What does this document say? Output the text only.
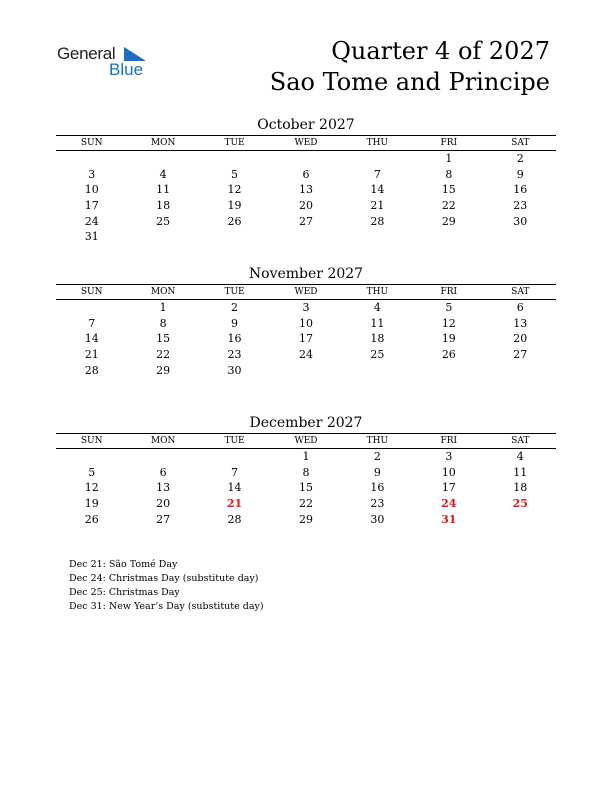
General
Blue
Quarter 4 of 2027
Sao Tome and Principe
October 2027
SUN	MON	TUE	WED	THU	FRI	SAT
					1	2
3	4	5	6	7	8	9
10	11	12	13	14	15	16
17	18	19	20	21	22	23
24	25	26	27	28	29	30
31						
November 2027
SUN	MON	TUE	WED	THU	FRI	SAT
	1	2	3	4	5	6
7	8	9	10	11	12	13
14	15	16	17	18	19	20
21	22	23	24	25	26	27
28	29	30				
December 2027
SUN	MON	TUE	WED	THU	FRI	SAT
			1	2	3	4
5	6	7	8	9	10	11
12	13	14	15	16	17	18
19	20	21	22	23	24	25
26	27	28	29	30	31	
Dec 21: São Tomé Day
Dec 24: Christmas Day (substitute day)
Dec 25: Christmas Day
Dec 31: New Year’s Day (substitute day)
